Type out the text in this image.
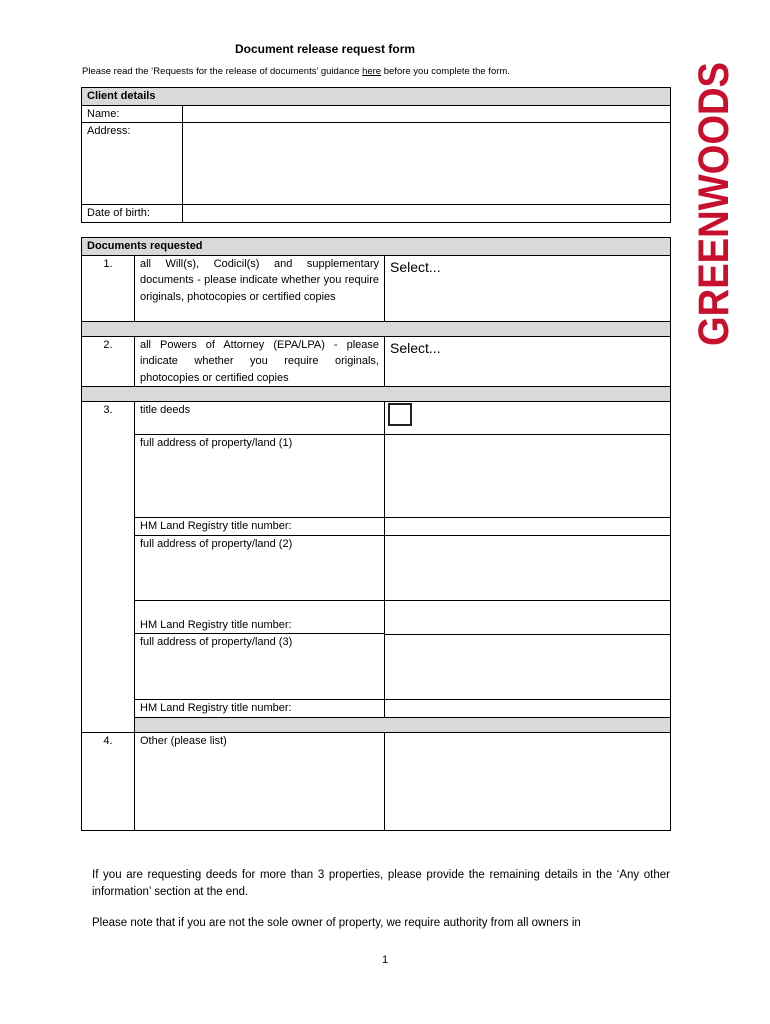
Document release request form
Please read the ‘Requests for the release of documents’ guidance here before you complete the form.	GREENWOODS
Client details	
Name:	
Address:	
Date of birth:	
Documents requested		
1.	all Will(s), Codicil(s) and supplementary documents - please indicate whether you require originals, photocopies or certified copies	Select...

2.	all Powers of Attorney (EPA/LPA) - please indicate whether you require originals, photocopies or certified copies	Select...

3.	title deeds	
	full address of property/land (1)	

	HM Land Registry title number:
full address of property/land (2)	

	HM Land Registry title number:
full address of property/land (3)	

	HM Land Registry title number:	

4.	Other (please list)	
If you are requesting deeds for more than 3 properties, please provide the remaining details in the ‘Any other information’ section at the end.
Please note that if you are not the sole owner of property, we require authority from all owners in
1
